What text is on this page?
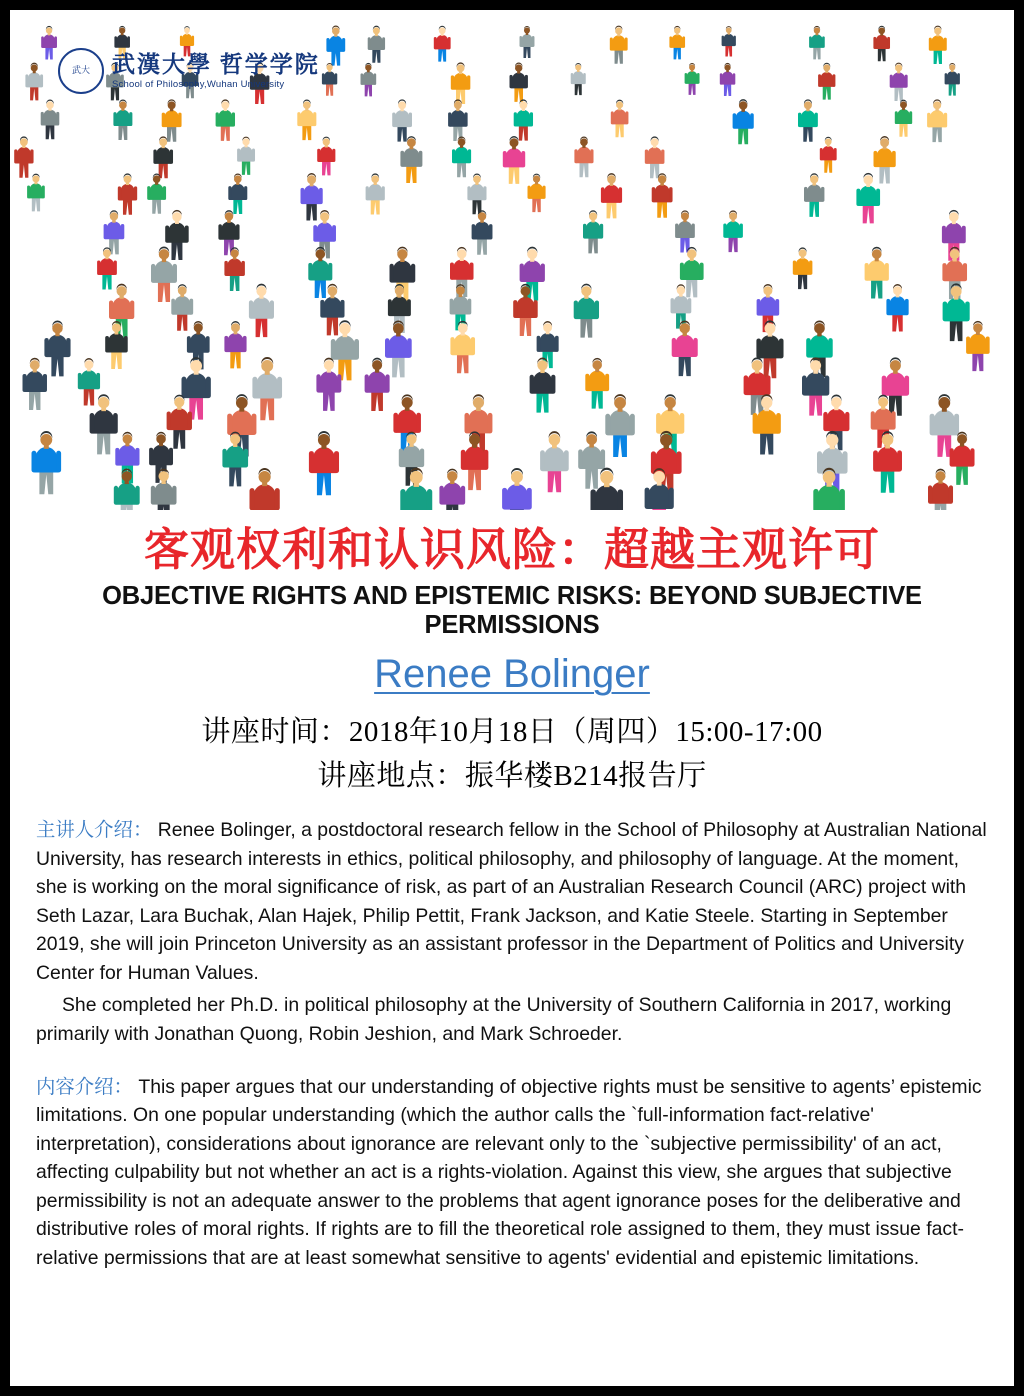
武大 武漢大學 哲学学院
School of Philosophy,Wuhan University
客观权利和认识风险：超越主观许可
OBJECTIVE RIGHTS AND EPISTEMIC RISKS: BEYOND SUBJECTIVE PERMISSIONS
Renee Bolinger
讲座时间：2018年10月18日（周四）15:00-17:00
讲座地点：振华楼B214报告厅

主讲人介绍： Renee Bolinger, a postdoctoral research fellow in the School of Philosophy at Australian National University, has research interests in ethics, political philosophy, and philosophy of language. At the moment, she is working on the moral significance of risk, as part of an Australian Research Council (ARC) project with Seth Lazar, Lara Buchak, Alan Hajek, Philip Pettit, Frank Jackson, and Katie Steele. Starting in September 2019, she will join Princeton University as an assistant professor in the Department of Politics and University Center for Human Values.

She completed her Ph.D. in political philosophy at the University of Southern California in 2017, working primarily with Jonathan Quong, Robin Jeshion, and Mark Schroeder.

内容介绍： This paper argues that our understanding of objective rights must be sensitive to agents’ epistemic limitations. On one popular understanding (which the author calls the `full-information fact-relative' interpretation), considerations about ignorance are relevant only to the `subjective permissibility' of an act, affecting culpability but not whether an act is a rights-violation. Against this view, she argues that subjective permissibility is not an adequate answer to the problems that agent ignorance poses for the deliberative and distributive roles of moral rights. If rights are to fill the theoretical role assigned to them, they must issue fact-relative permissions that are at least somewhat sensitive to agents' evidential and epistemic limitations.
